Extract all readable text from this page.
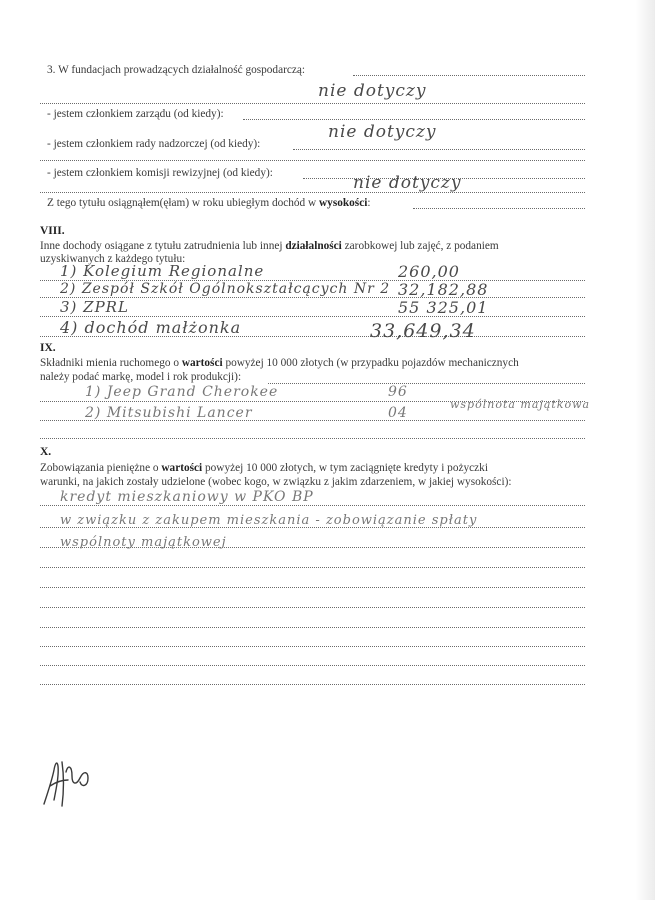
3. W fundacjach prowadzących działalność gospodarczą:
nie dotyczy
- jestem członkiem zarządu (od kiedy):
- jestem członkiem rady nadzorczej (od kiedy):
nie dotyczy
- jestem członkiem komisji rewizyjnej (od kiedy):	nie dotyczy
Z tego tytułu osiągnąłem(ęłam) w roku ubiegłym dochód w wysokości:
VIII.
Inne dochody osiągane z tytułu zatrudnienia lub innej działalności zarobkowej lub zajęć, z podaniem
uzyskiwanych z każdego tytułu:
1) Kolegium Regionalne	260,00
2) Zespół Szkół Ogólnokształcących Nr 2 32,182,88
3) ZPRL	55 325,01
4) dochód małżonka	33,649,34
IX.
Składniki mienia ruchomego o wartości powyżej 10 000 złotych (w przypadku pojazdów mechanicznych
należy podać markę, model i rok produkcji):
1) Jeep Grand Cherokee	96
2) Mitsubishi Lancer	04
wspólnota majątkowa
X.
Zobowiązania pieniężne o wartości powyżej 10 000 złotych, w tym zaciągnięte kredyty i pożyczki
warunki, na jakich zostały udzielone (wobec kogo, w związku z jakim zdarzeniem, w jakiej wysokości):
kredyt mieszkaniowy w PKO BP
w związku z zakupem mieszkania - zobowiązanie spłaty
wspólnoty majątkowej
